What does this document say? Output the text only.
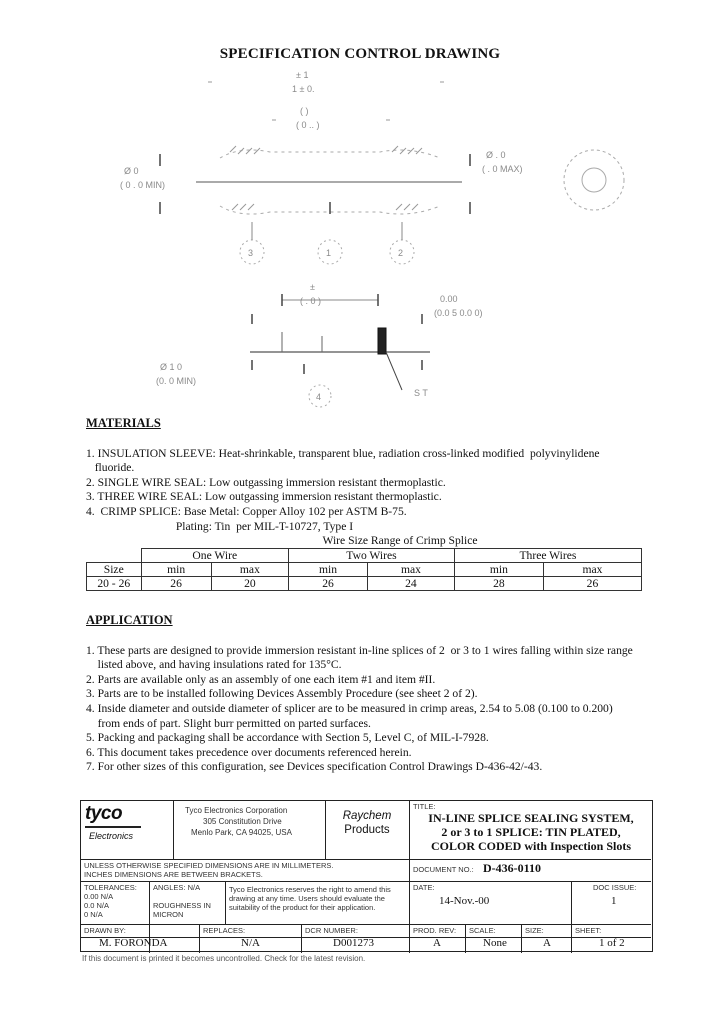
SPECIFICATION CONTROL DRAWING
± 1
1 ± 0.
( )
( 0 .. )
Ø 0
( 0 . 0 MIN)
Ø . 0
( . 0 MAX)
3	1	2
±
( . 0 )	0.00
(0.0 5 0.0 0)
Ø 1 0
(0. 0 MIN)
4	S T
MATERIALS

1. INSULATION SLEEVE: Heat-shrinkable, transparent blue, radiation cross-linked modified  polyvinylidene
fluoride.
2. SINGLE WIRE SEAL: Low outgassing immersion resistant thermoplastic.
3. THREE WIRE SEAL: Low outgassing immersion resistant thermoplastic.
4.  CRIMP SPLICE: Base Metal: Copper Alloy 102 per ASTM B-75.
Plating: Tin  per MIL-T-10727, Type I

Wire Size Range of Crimp Splice
	One Wire		Two Wires		Three Wires	
Size	min	max	min	max	min	max
20 - 26	26	20	26	24	28	26
APPLICATION

1. These parts are designed to provide immersion resistant in-line splices of 2  or 3 to 1 wires falling within size range
listed above, and having insulations rated for 135°C.
2. Parts are available only as an assembly of one each item #1 and item #II.
3. Parts are to be installed following Devices Assembly Procedure (see sheet 2 of 2).
4. Inside diameter and outside diameter of splicer are to be measured in crimp areas, 2.54 to 5.08 (0.100 to 0.200)
from ends of part. Slight burr permitted on parted surfaces.
5. Packing and packaging shall be accordance with Section 5, Level C, of MIL-I-7928.
6. This document takes precedence over documents referenced herein.
7. For other sizes of this configuration, see Devices specification Control Drawings D-436-42/-43.

tyco
Electronics
Tyco Electronics Corporation
305 Constitution Drive
Menlo Park, CA 94025, USA
Raychem
Products
TITLE:
IN-LINE SPLICE SEALING SYSTEM,
2 or 3 to 1 SPLICE: TIN PLATED,
COLOR CODED with Inspection Slots
UNLESS OTHERWISE SPECIFIED DIMENSIONS ARE IN MILLIMETERS.
INCHES DIMENSIONS ARE BETWEEN BRACKETS.
DOCUMENT NO.: D-436-0110
TOLERANCES:
0.00 N/A
0.0 N/A
0 N/A
ANGLES: N/A
ROUGHNESS IN
MICRON
Tyco Electronics reserves the right to amend this
drawing at any time. Users should evaluate the
suitability of the product for their application.
DATE:
14-Nov.-00
DOC ISSUE:
1
DRAWN BY:
M. FORONDA
REPLACES:
N/A
DCR NUMBER:
D001273
PROD. REV:
A
SCALE:
None
SIZE:
A
SHEET:
1 of 2
If this document is printed it becomes uncontrolled. Check for the latest revision.
